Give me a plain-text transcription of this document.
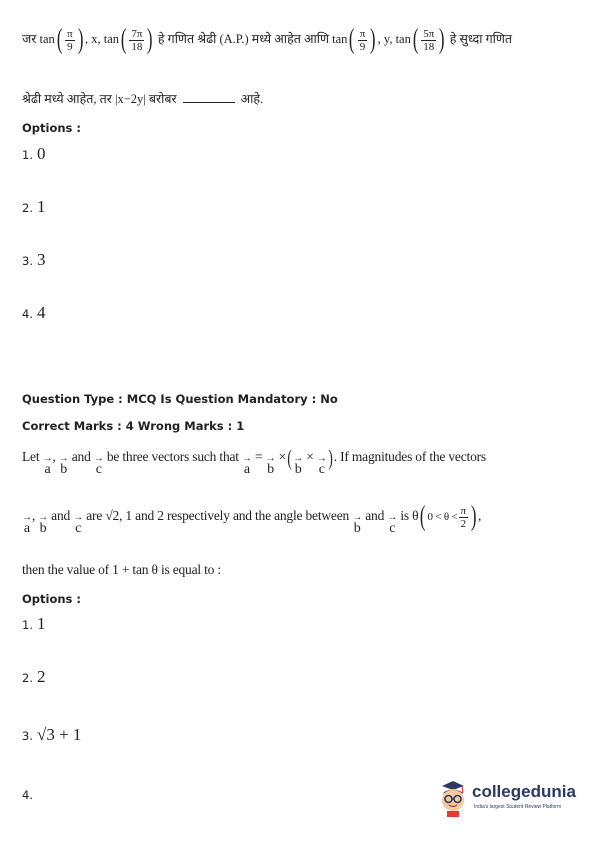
जर $\tan( \frac{\pi}{9}$ ) , x, $\tan( \frac{7\pi}{18}$ ) हे गणित श्रेढी (A.P.) मध्ये आहेत आणि $\tan( \frac{\pi}{9}$ ) , y, $\tan( \frac{5\pi}{18}$ ) हे सुध्दा गणित
श्रेढी मध्ये आहेत, तर |x−2y| बरोबर	आहे.
Options :
1. 0
2. 1
3. 3
4. 4
Question Type : MCQ Is Question Mandatory : No
Correct Marks : 4 Wrong Marks : 1
Let →
a
, →
b
and →
c
be three vectors such that →
a
= →
b
×( →
b
× →
c ). If magnitudes of the vectors
→
a
, →
b
and →
c
are √2, 1 and 2 respectively and the angle between →
b
and →
c
is θ( $0 < \theta < \frac{\pi}{2}$ ) ,
then the value of 1 + tan θ is equal to :
Options :
1. 1
2. 2
3. √3 + 1
4.	collegedunia
India's largest Student Review Platform
